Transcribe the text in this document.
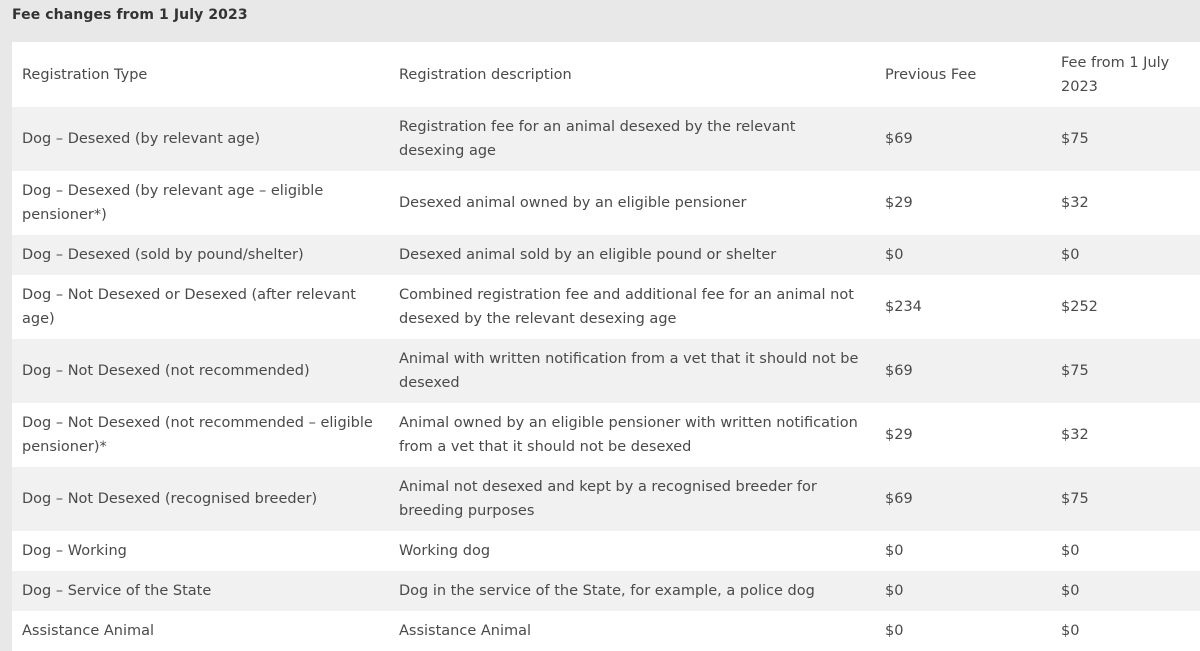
Fee changes from 1 July 2023
Registration Type	Registration description	Previous Fee	Fee from 1 July 2023
Dog – Desexed (by relevant age)	Registration fee for an animal desexed by the relevant desexing age	$69	$75
Dog – Desexed (by relevant age – eligible pensioner*)	Desexed animal owned by an eligible pensioner	$29	$32
Dog – Desexed (sold by pound/shelter)	Desexed animal sold by an eligible pound or shelter	$0	$0
Dog – Not Desexed or Desexed (after relevant age)	Combined registration fee and additional fee for an animal not desexed by the relevant desexing age	$234	$252
Dog – Not Desexed (not recommended)	Animal with written notification from a vet that it should not be desexed	$69	$75
Dog – Not Desexed (not recommended – eligible pensioner)*	Animal owned by an eligible pensioner with written notification from a vet that it should not be desexed	$29	$32
Dog – Not Desexed (recognised breeder)	Animal not desexed and kept by a recognised breeder for breeding purposes	$69	$75
Dog – Working	Working dog	$0	$0
Dog – Service of the State	Dog in the service of the State, for example, a police dog	$0	$0
Assistance Animal	Assistance Animal	$0	$0
